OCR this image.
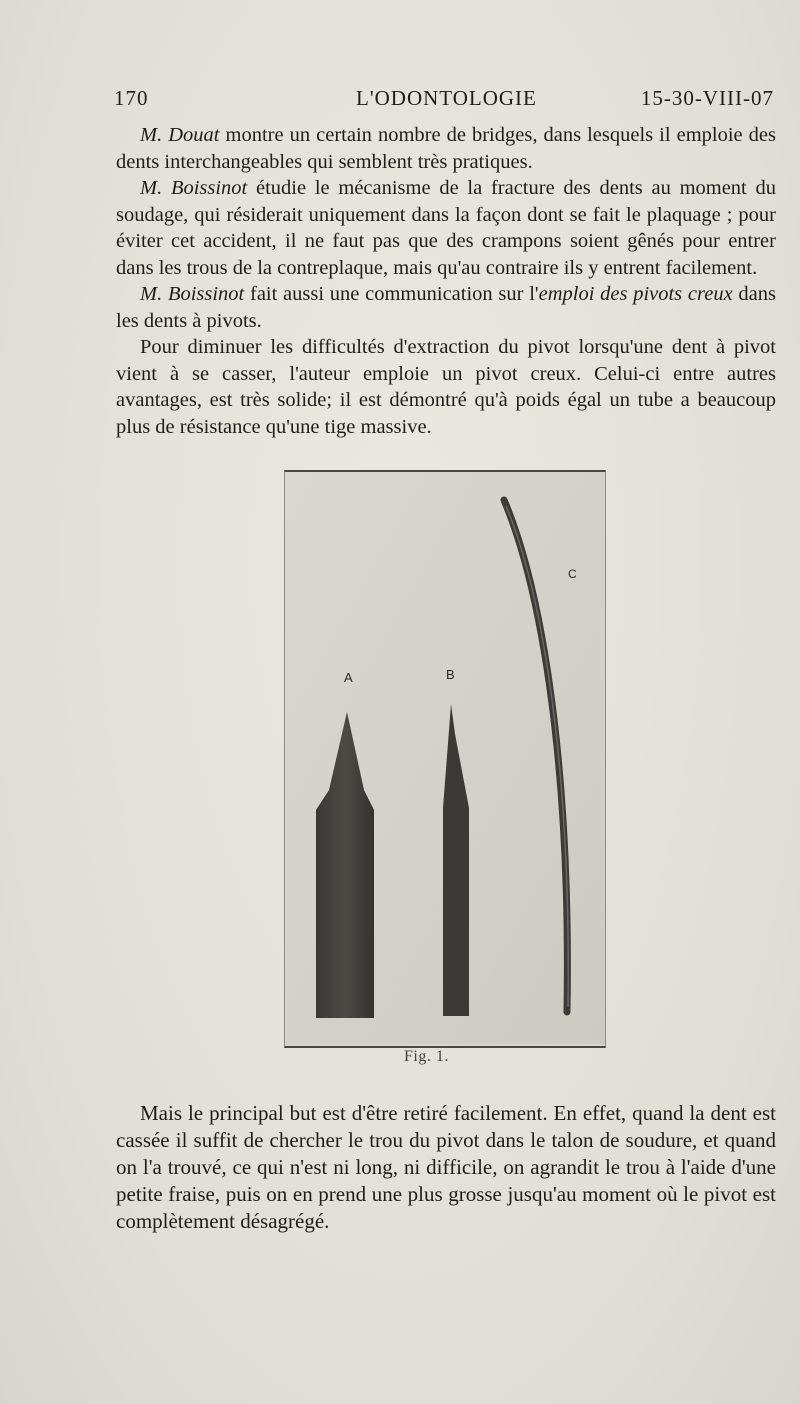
170	L'ODONTOLOGIE	15-30-VIII-07

M. Douat montre un certain nombre de bridges, dans lesquels il emploie des dents interchangeables qui semblent très pratiques.

M. Boissinot étudie le mécanisme de la fracture des dents au moment du soudage, qui résiderait uniquement dans la façon dont se fait le plaquage ; pour éviter cet accident, il ne faut pas que des crampons soient gênés pour entrer dans les trous de la contreplaque, mais qu'au contraire ils y entrent facilement.

M. Boissinot fait aussi une communication sur l'emploi des pivots creux dans les dents à pivots.

Pour diminuer les difficultés d'extraction du pivot lorsqu'une dent à pivot vient à se casser, l'auteur emploie un pivot creux. Celui-ci entre autres avantages, est très solide; il est démontré qu'à poids égal un tube a beaucoup plus de résistance qu'une tige massive.

A	B
C
Fig. 1.

Mais le principal but est d'être retiré facilement. En effet, quand la dent est cassée il suffit de chercher le trou du pivot dans le talon de soudure, et quand on l'a trouvé, ce qui n'est ni long, ni difficile, on agrandit le trou à l'aide d'une petite fraise, puis on en prend une plus grosse jusqu'au moment où le pivot est complètement désagrégé.
